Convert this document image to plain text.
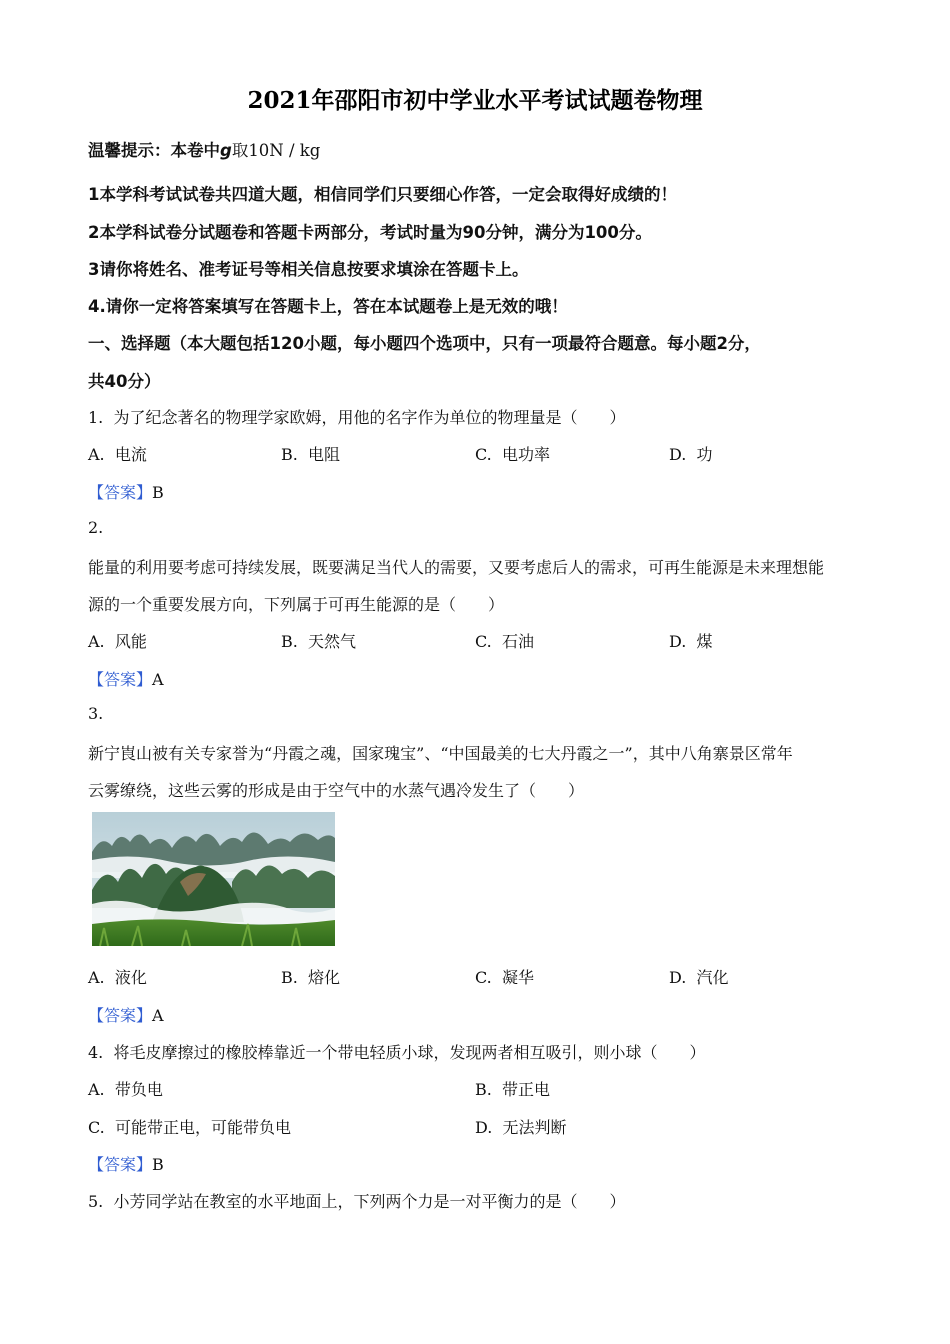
2021年邵阳市初中学业水平考试试题卷物理
温馨提示：本卷中g取10N / kg
1本学科考试试卷共四道大题，相信同学们只要细心作答，一定会取得好成绩的！
2本学科试卷分试题卷和答题卡两部分，考试时量为90分钟，满分为100分。
3请你将姓名、准考证号等相关信息按要求填涂在答题卡上。
4.请你一定将答案填写在答题卡上，答在本试题卷上是无效的哦！
一、选择题（本大题包括120小题，每小题四个选项中，只有一项最符合题意。每小题2分，
共40分）
1. 为了纪念著名的物理学家欧姆，用他的名字作为单位的物理量是（　　）
A. 电流	B. 电阻	C. 电功率	D. 功
【答案】B
2.
能量的利用要考虑可持续发展，既要满足当代人的需要，又要考虑后人的需求，可再生能源是未来理想能
源的一个重要发展方向，下列属于可再生能源的是（　　）
A. 风能	B. 天然气	C. 石油	D. 煤
【答案】A
3.
新宁崀山被有关专家誉为“丹霞之魂，国家瑰宝”、“中国最美的七大丹霞之一”，其中八角寨景区常年
云雾缭绕，这些云雾的形成是由于空气中的水蒸气遇冷发生了（　　）
A. 液化	B. 熔化	C. 凝华	D. 汽化
【答案】A
4. 将毛皮摩擦过的橡胶棒靠近一个带电轻质小球，发现两者相互吸引，则小球（　　）
A. 带负电	B. 带正电
C. 可能带正电，可能带负电	D. 无法判断
【答案】B
5. 小芳同学站在教室的水平地面上，下列两个力是一对平衡力的是（　　）
